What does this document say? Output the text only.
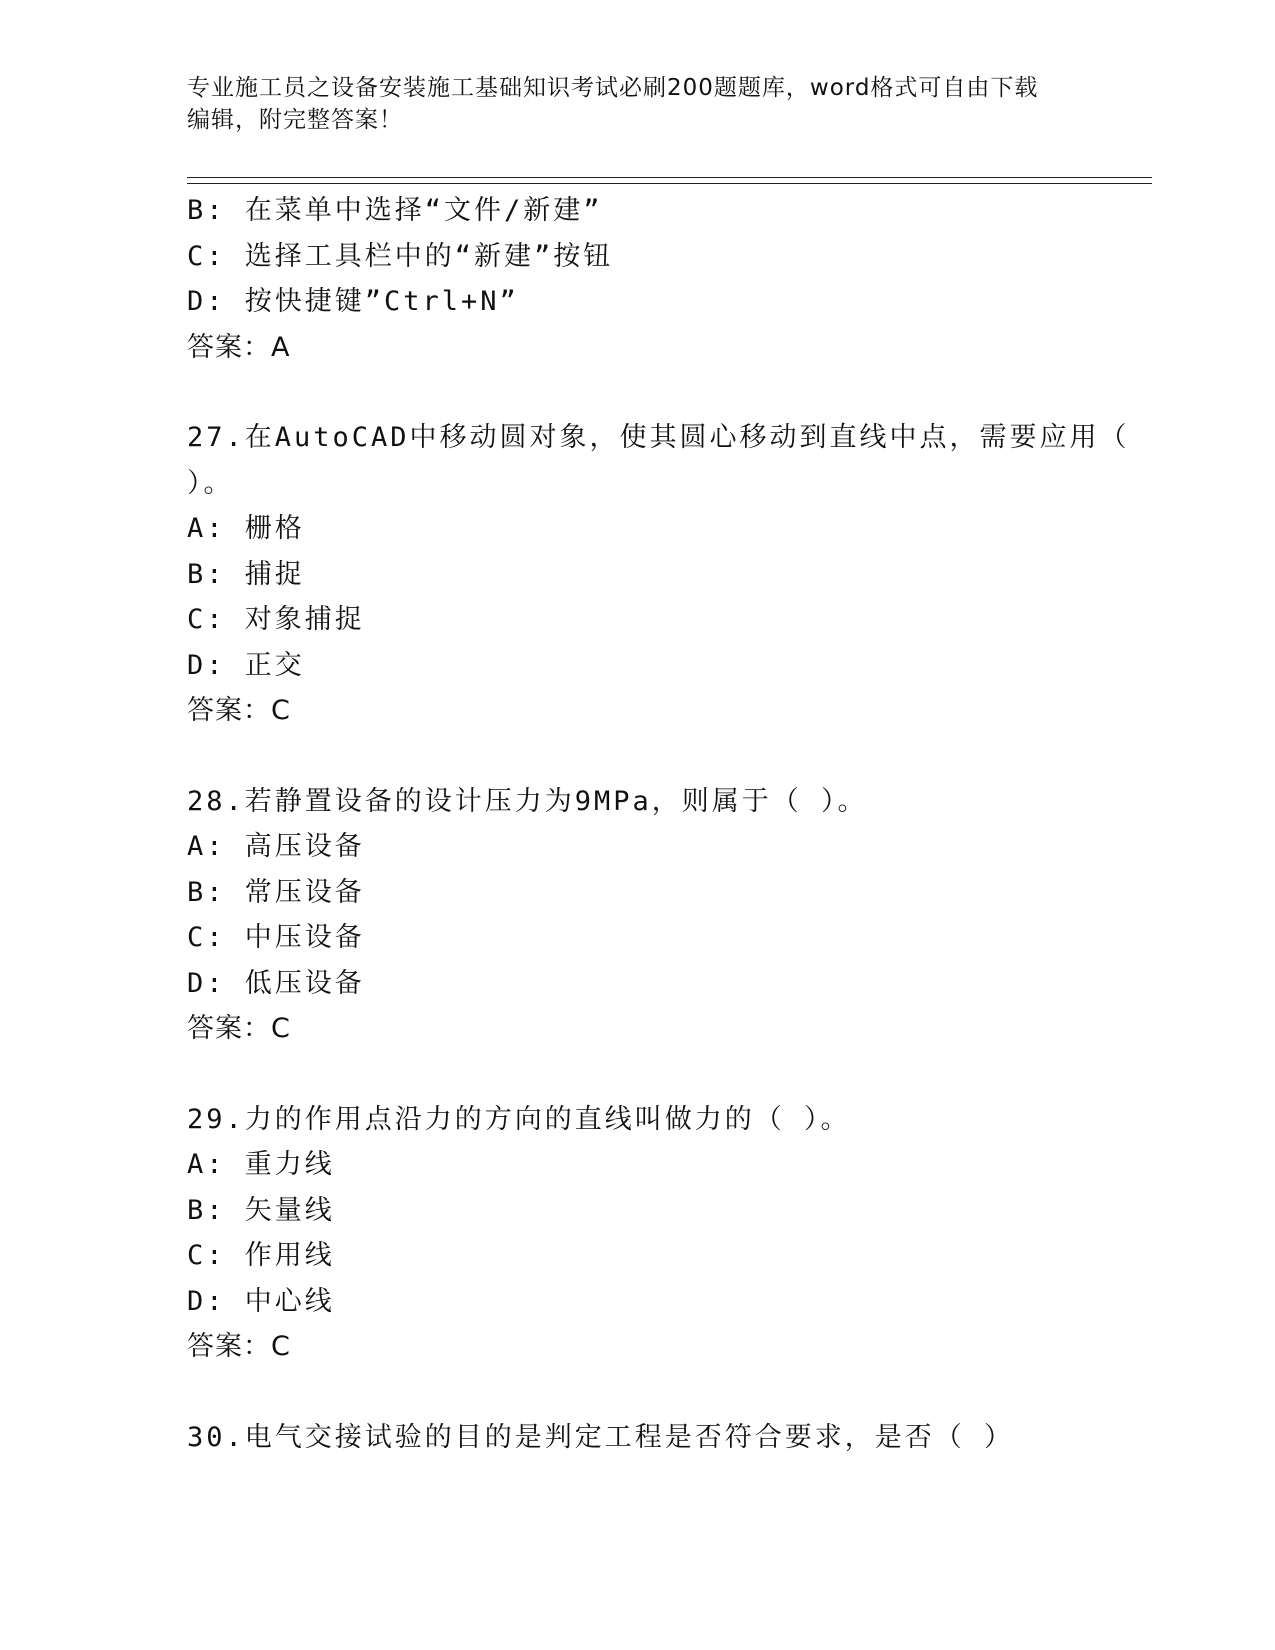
专业施工员之设备安装施工基础知识考试必刷200题题库，word格式可自由下载
编辑，附完整答案！
B: 在菜单中选择“文件/新建”
C: 选择工具栏中的“新建”按钮
D: 按快捷键”Ctrl+N”
答案：A
27.在AutoCAD中移动圆对象，使其圆心移动到直线中点，需要应用（
）。
A: 栅格
B: 捕捉
C: 对象捕捉
D: 正交
答案：C
28.若静置设备的设计压力为9MPa，则属于（ ）。
A: 高压设备
B: 常压设备
C: 中压设备
D: 低压设备
答案：C
29.力的作用点沿力的方向的直线叫做力的（ ）。
A: 重力线
B: 矢量线
C: 作用线
D: 中心线
答案：C
30.电气交接试验的目的是判定工程是否符合要求，是否（ ）
